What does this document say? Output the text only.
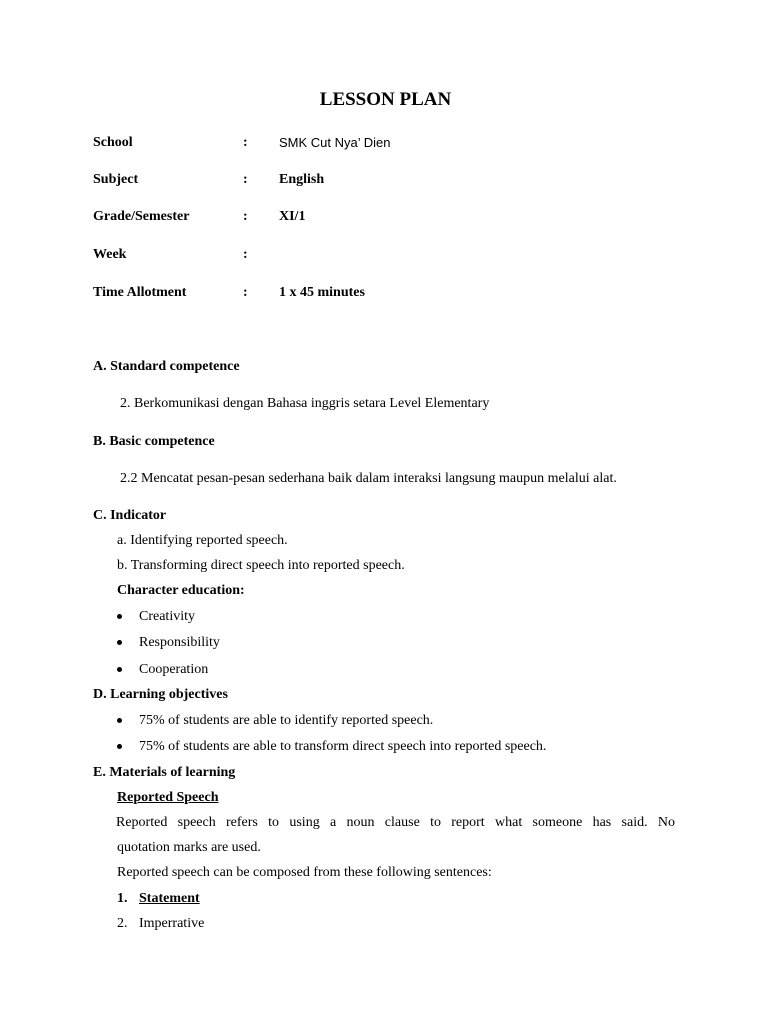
LESSON PLAN
School	: SMK Cut Nya’ Dien
Subject	: English
Grade/Semester	: XI/1
Week	:
Time Allotment	: 1 x 45 minutes
A. Standard competence
2. Berkomunikasi dengan Bahasa inggris setara Level Elementary
B. Basic competence
2.2 Mencatat pesan-pesan sederhana baik dalam interaksi langsung maupun melalui alat.
C. Indicator
a. Identifying reported speech.
b. Transforming direct speech into reported speech.
Character education:
Creativity
Responsibility
Cooperation
D. Learning objectives
75% of students are able to identify reported speech.
75% of students are able to transform direct speech into reported speech.
E. Materials of learning
Reported Speech
Reported speech refers to using a noun clause to report what someone has said. No
quotation marks are used.
Reported speech can be composed from these following sentences:
1. Statement
2. Imperrative
